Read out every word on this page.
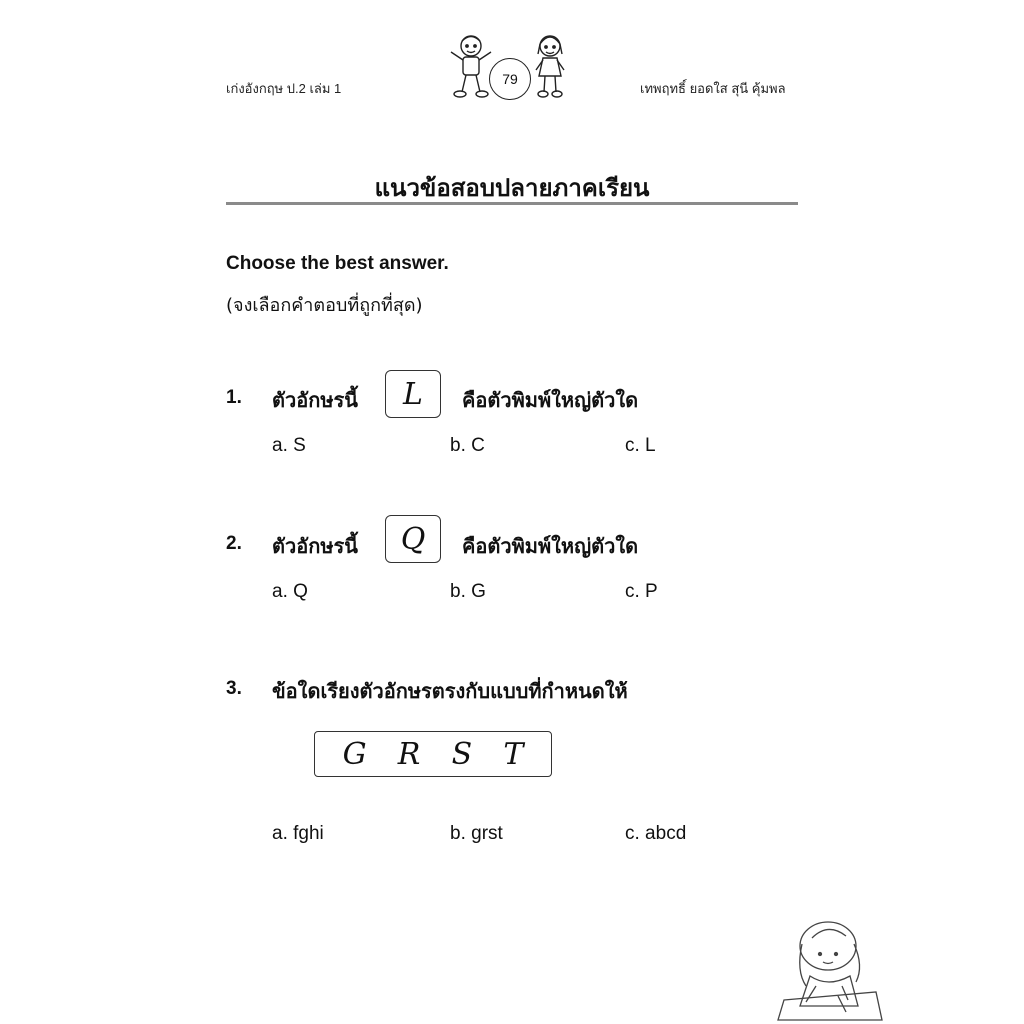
เก่งอังกฤษ ป.2 เล่ม 1
79
เทพฤทธิ์ ยอดใส สุนี คุ้มพล
แนวข้อสอบปลายภาคเรียน
Choose the best answer.
(จงเลือกคำตอบที่ถูกที่สุด)
1. ตัวอักษรนี้	L	คือตัวพิมพ์ใหญ่ตัวใด
a. S	b. C	c. L
2. ตัวอักษรนี้	Q	คือตัวพิมพ์ใหญ่ตัวใด
a. Q	b. G	c. P
3. ข้อใดเรียงตัวอักษรตรงกับแบบที่กำหนดให้
G R S T
a. fghi	b. grst	c. abcd
